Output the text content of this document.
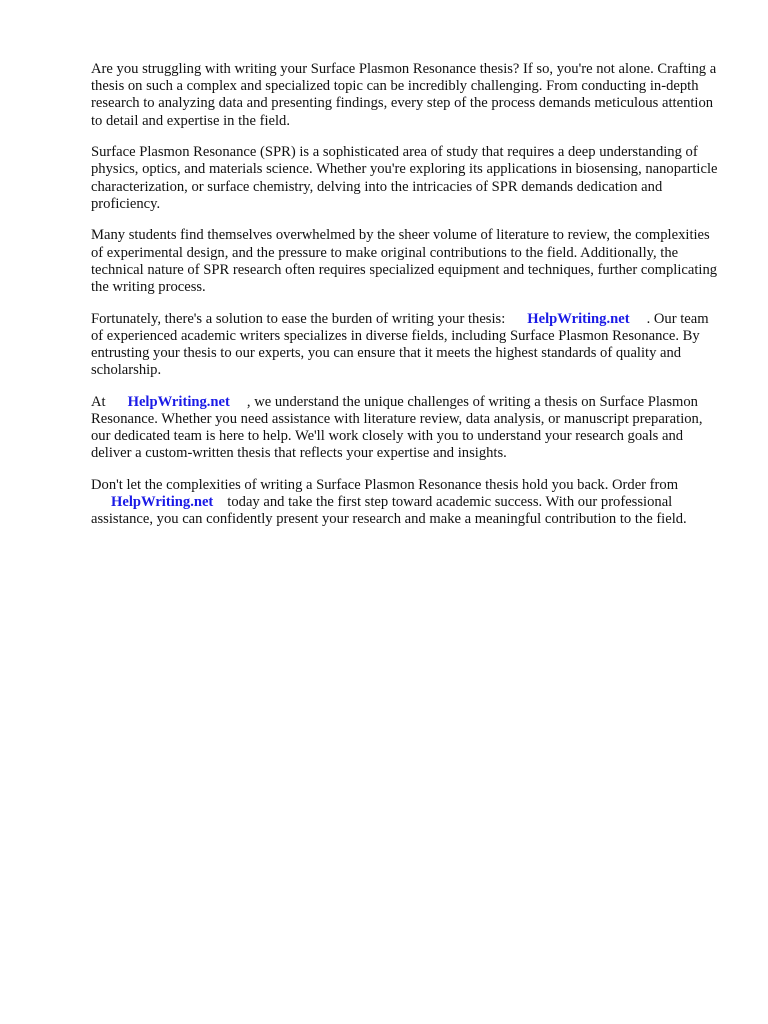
Are you struggling with writing your Surface Plasmon Resonance thesis? If so, you're not alone. Crafting a thesis on such a complex and specialized topic can be incredibly challenging. From conducting in-depth research to analyzing data and presenting findings, every step of the process demands meticulous attention to detail and expertise in the field.

Surface Plasmon Resonance (SPR) is a sophisticated area of study that requires a deep understanding of physics, optics, and materials science. Whether you're exploring its applications in biosensing, nanoparticle characterization, or surface chemistry, delving into the intricacies of SPR demands dedication and proficiency.

Many students find themselves overwhelmed by the sheer volume of literature to review, the complexities of experimental design, and the pressure to make original contributions to the field. Additionally, the technical nature of SPR research often requires specialized equipment and techniques, further complicating the writing process.

Fortunately, there's a solution to ease the burden of writing your thesis: HelpWriting.net . Our team of experienced academic writers specializes in diverse fields, including Surface Plasmon Resonance. By entrusting your thesis to our experts, you can ensure that it meets the highest standards of quality and scholarship.

At HelpWriting.net , we understand the unique challenges of writing a thesis on Surface Plasmon Resonance. Whether you need assistance with literature review, data analysis, or manuscript preparation, our dedicated team is here to help. We'll work closely with you to understand your research goals and deliver a custom-written thesis that reflects your expertise and insights.

Don't let the complexities of writing a Surface Plasmon Resonance thesis hold you back. Order from
HelpWriting.net today and take the first step toward academic success. With our professional assistance, you can confidently present your research and make a meaningful contribution to the field.
